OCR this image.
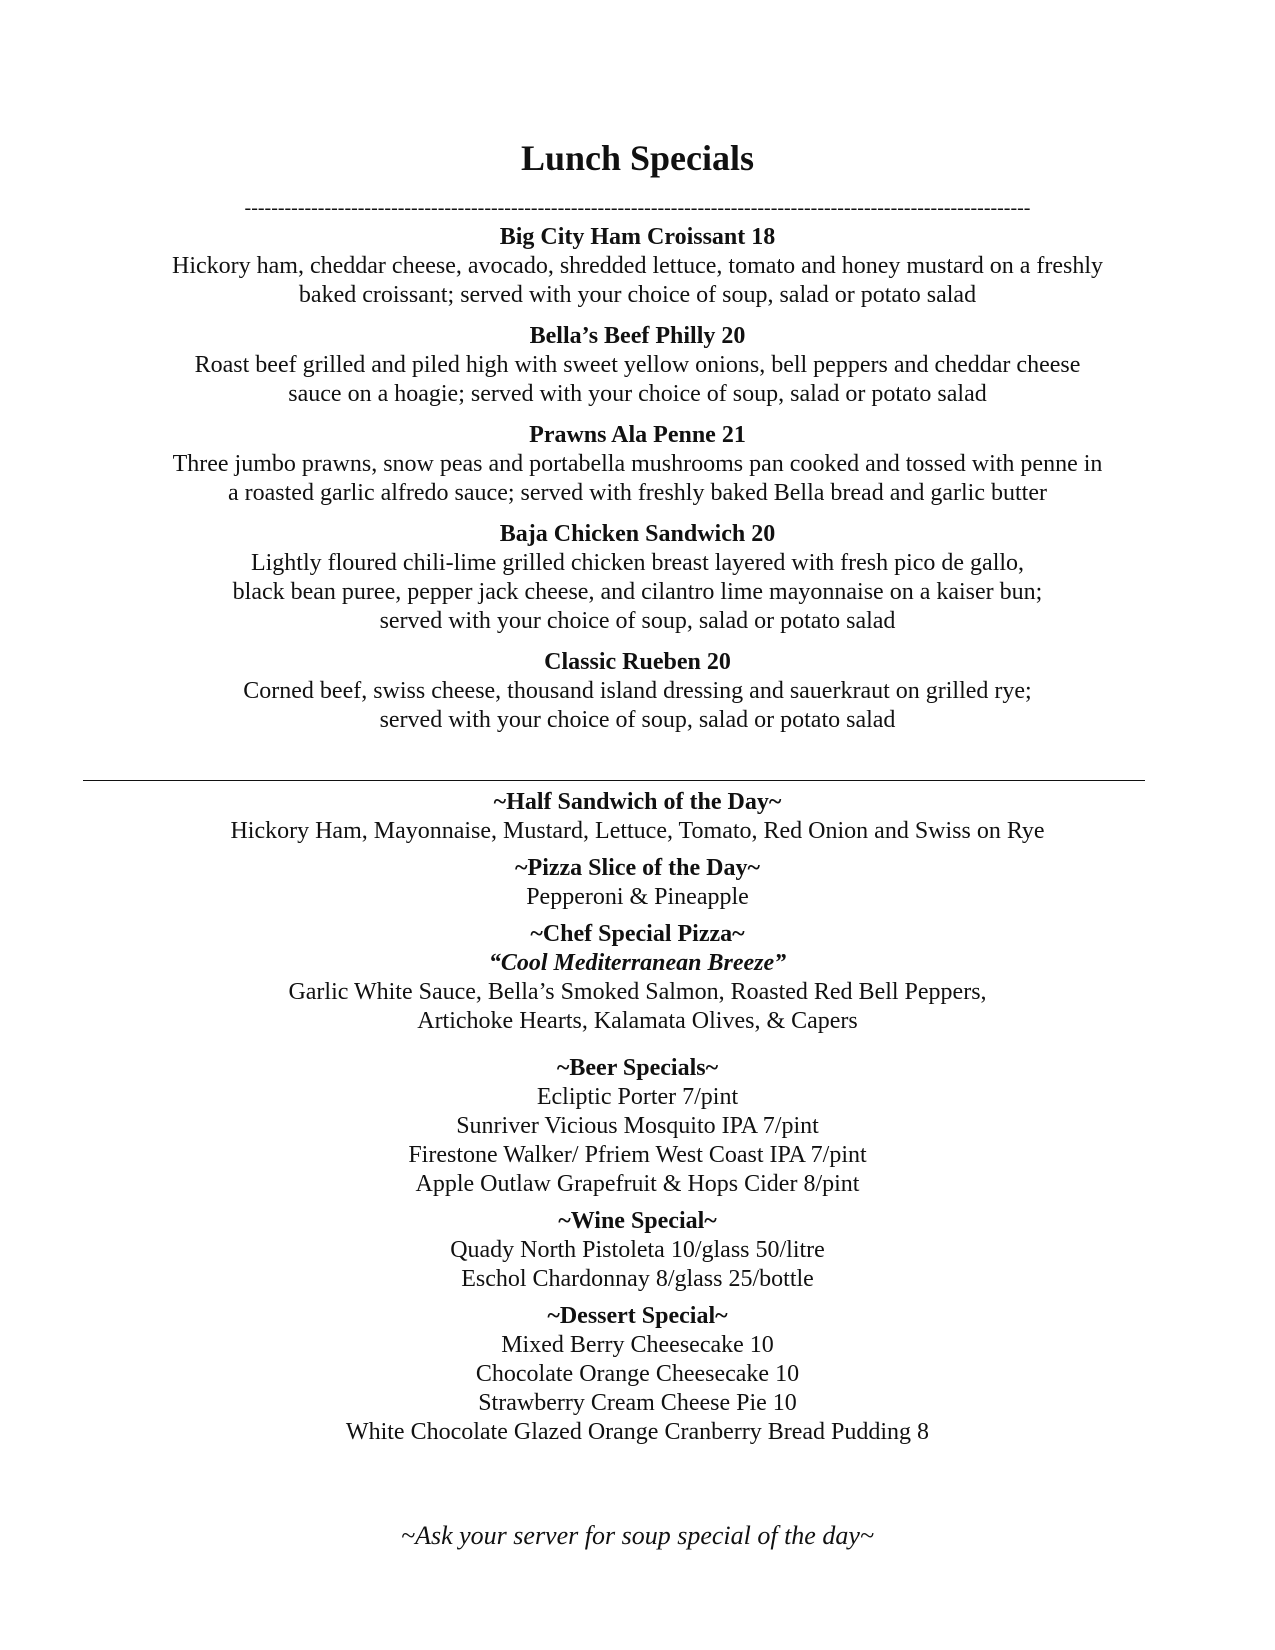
Lunch Specials
----------------------------------------------------------------------------------------------------------------------
Big City Ham Croissant 18
Hickory ham, cheddar cheese, avocado, shredded lettuce, tomato and honey mustard on a freshly
baked croissant; served with your choice of soup, salad or potato salad
Bella’s Beef Philly 20
Roast beef grilled and piled high with sweet yellow onions, bell peppers and cheddar cheese
sauce on a hoagie; served with your choice of soup, salad or potato salad
Prawns Ala Penne 21
Three jumbo prawns, snow peas and portabella mushrooms pan cooked and tossed with penne in
a roasted garlic alfredo sauce; served with freshly baked Bella bread and garlic butter
Baja Chicken Sandwich 20
Lightly floured chili-lime grilled chicken breast layered with fresh pico de gallo,
black bean puree, pepper jack cheese, and cilantro lime mayonnaise on a kaiser bun;
served with your choice of soup, salad or potato salad
Classic Rueben 20
Corned beef, swiss cheese, thousand island dressing and sauerkraut on grilled rye;
served with your choice of soup, salad or potato salad
~Half Sandwich of the Day~
Hickory Ham, Mayonnaise, Mustard, Lettuce, Tomato, Red Onion and Swiss on Rye
~Pizza Slice of the Day~
Pepperoni & Pineapple
~Chef Special Pizza~
“Cool Mediterranean Breeze”
Garlic White Sauce, Bella’s Smoked Salmon, Roasted Red Bell Peppers,
Artichoke Hearts, Kalamata Olives, & Capers
~Beer Specials~
Ecliptic Porter 7/pint
Sunriver Vicious Mosquito IPA 7/pint
Firestone Walker/ Pfriem West Coast IPA 7/pint
Apple Outlaw Grapefruit & Hops Cider 8/pint
~Wine Special~
Quady North Pistoleta 10/glass 50/litre
Eschol Chardonnay 8/glass 25/bottle
~Dessert Special~
Mixed Berry Cheesecake 10
Chocolate Orange Cheesecake 10
Strawberry Cream Cheese Pie 10
White Chocolate Glazed Orange Cranberry Bread Pudding 8
~Ask your server for soup special of the day~
